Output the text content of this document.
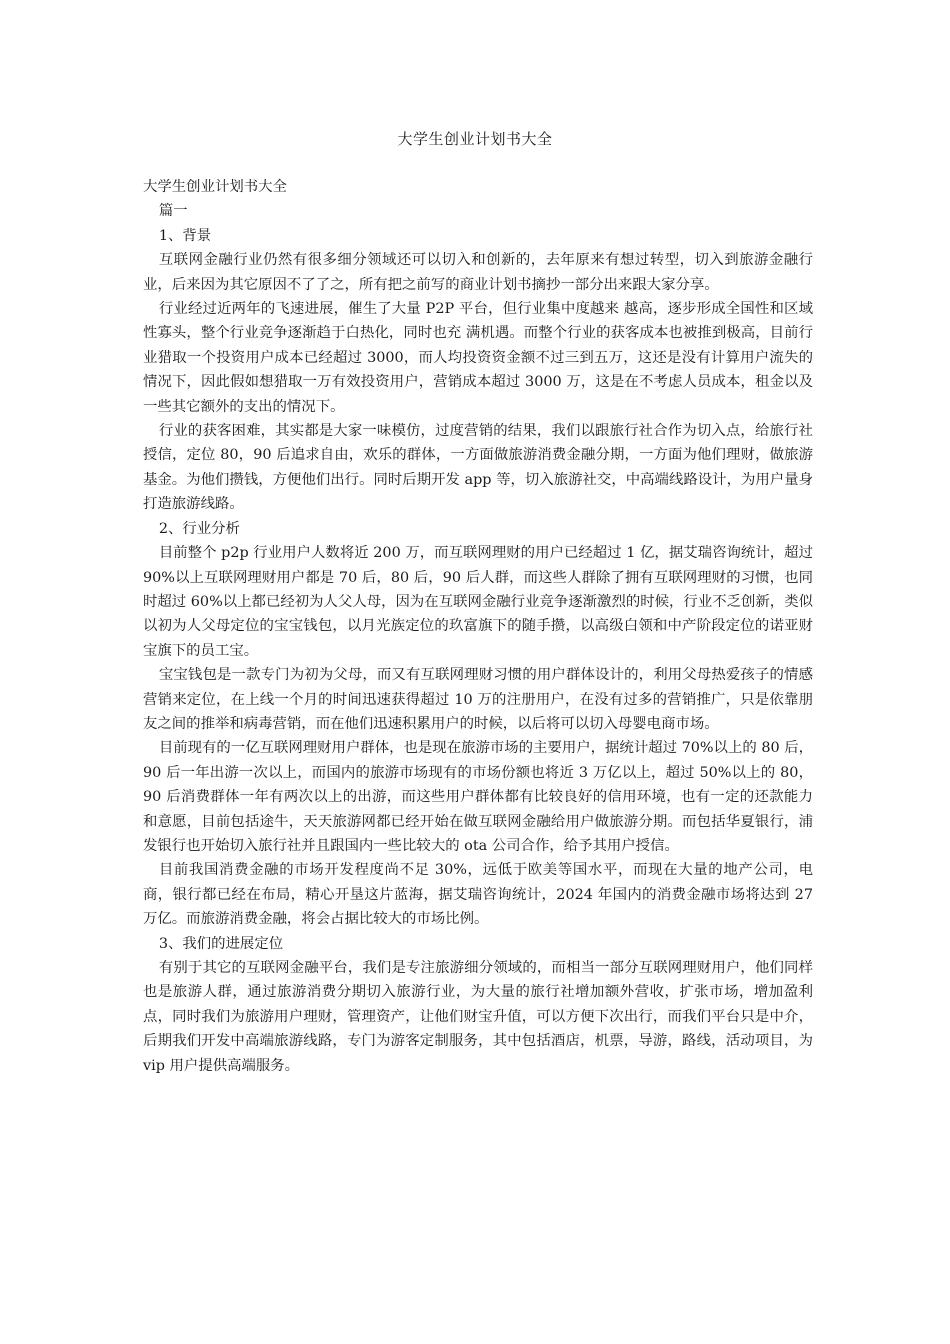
大学生创业计划书大全

大学生创业计划书大全

篇一

1、背景

互联网金融行业仍然有很多细分领域还可以切入和创新的，去年原来有想过转型，切入到旅游金融行业，后来因为其它原因不了了之，所有把之前写的商业计划书摘抄一部分出来跟大家分享。

行业经过近两年的飞速进展，催生了大量 P2P 平台，但行业集中度越来 越高，逐步形成全国性和区域性寡头，整个行业竞争逐渐趋于白热化，同时也充 满机遇。而整个行业的获客成本也被推到极高，目前行业猎取一个投资用户成本已经超过 3000，而人均投资资金额不过三到五万，这还是没有计算用户流失的情况下，因此假如想猎取一万有效投资用户，营销成本超过 3000 万，这是在不考虑人员成本，租金以及一些其它额外的支出的情况下。

行业的获客困难，其实都是大家一味模仿，过度营销的结果，我们以跟旅行社合作为切入点，给旅行社授信，定位 80，90 后追求自由，欢乐的群体，一方面做旅游消费金融分期，一方面为他们理财，做旅游基金。为他们攒钱，方便他们出行。同时后期开发 app 等，切入旅游社交，中高端线路设计，为用户量身打造旅游线路。

2、行业分析

目前整个 p2p 行业用户人数将近 200 万，而互联网理财的用户已经超过 1 亿，据艾瑞咨询统计，超过 90%以上互联网理财用户都是 70 后，80 后，90 后人群，而这些人群除了拥有互联网理财的习惯，也同时超过 60%以上都已经初为人父人母，因为在互联网金融行业竞争逐渐激烈的时候，行业不乏创新，类似以初为人父母定位的宝宝钱包，以月光族定位的玖富旗下的随手攒，以高级白领和中产阶段定位的诺亚财宝旗下的员工宝。

宝宝钱包是一款专门为初为父母，而又有互联网理财习惯的用户群体设计的，利用父母热爱孩子的情感营销来定位，在上线一个月的时间迅速获得超过 10 万的注册用户，在没有过多的营销推广，只是依靠朋友之间的推举和病毒营销，而在他们迅速积累用户的时候，以后将可以切入母婴电商市场。

目前现有的一亿互联网理财用户群体，也是现在旅游市场的主要用户，据统计超过 70%以上的 80 后，90 后一年出游一次以上，而国内的旅游市场现有的市场份额也将近 3 万亿以上，超过 50%以上的 80，90 后消费群体一年有两次以上的出游，而这些用户群体都有比较良好的信用环境，也有一定的还款能力和意愿，目前包括途牛，天天旅游网都已经开始在做互联网金融给用户做旅游分期。而包括华夏银行，浦发银行也开始切入旅行社并且跟国内一些比较大的 ota 公司合作，给予其用户授信。

目前我国消费金融的市场开发程度尚不足 30%，远低于欧美等国水平，而现在大量的地产公司，电商，银行都已经在布局，精心开垦这片蓝海，据艾瑞咨询统计，2024 年国内的消费金融市场将达到 27 万亿。而旅游消费金融，将会占据比较大的市场比例。

3、我们的进展定位

有别于其它的互联网金融平台，我们是专注旅游细分领域的，而相当一部分互联网理财用户，他们同样也是旅游人群，通过旅游消费分期切入旅游行业，为大量的旅行社增加额外营收，扩张市场，增加盈利点，同时我们为旅游用户理财，管理资产，让他们财宝升值，可以方便下次出行，而我们平台只是中介，后期我们开发中高端旅游线路，专门为游客定制服务，其中包括酒店，机票，导游，路线，活动项目，为 vip 用户提供高端服务。
